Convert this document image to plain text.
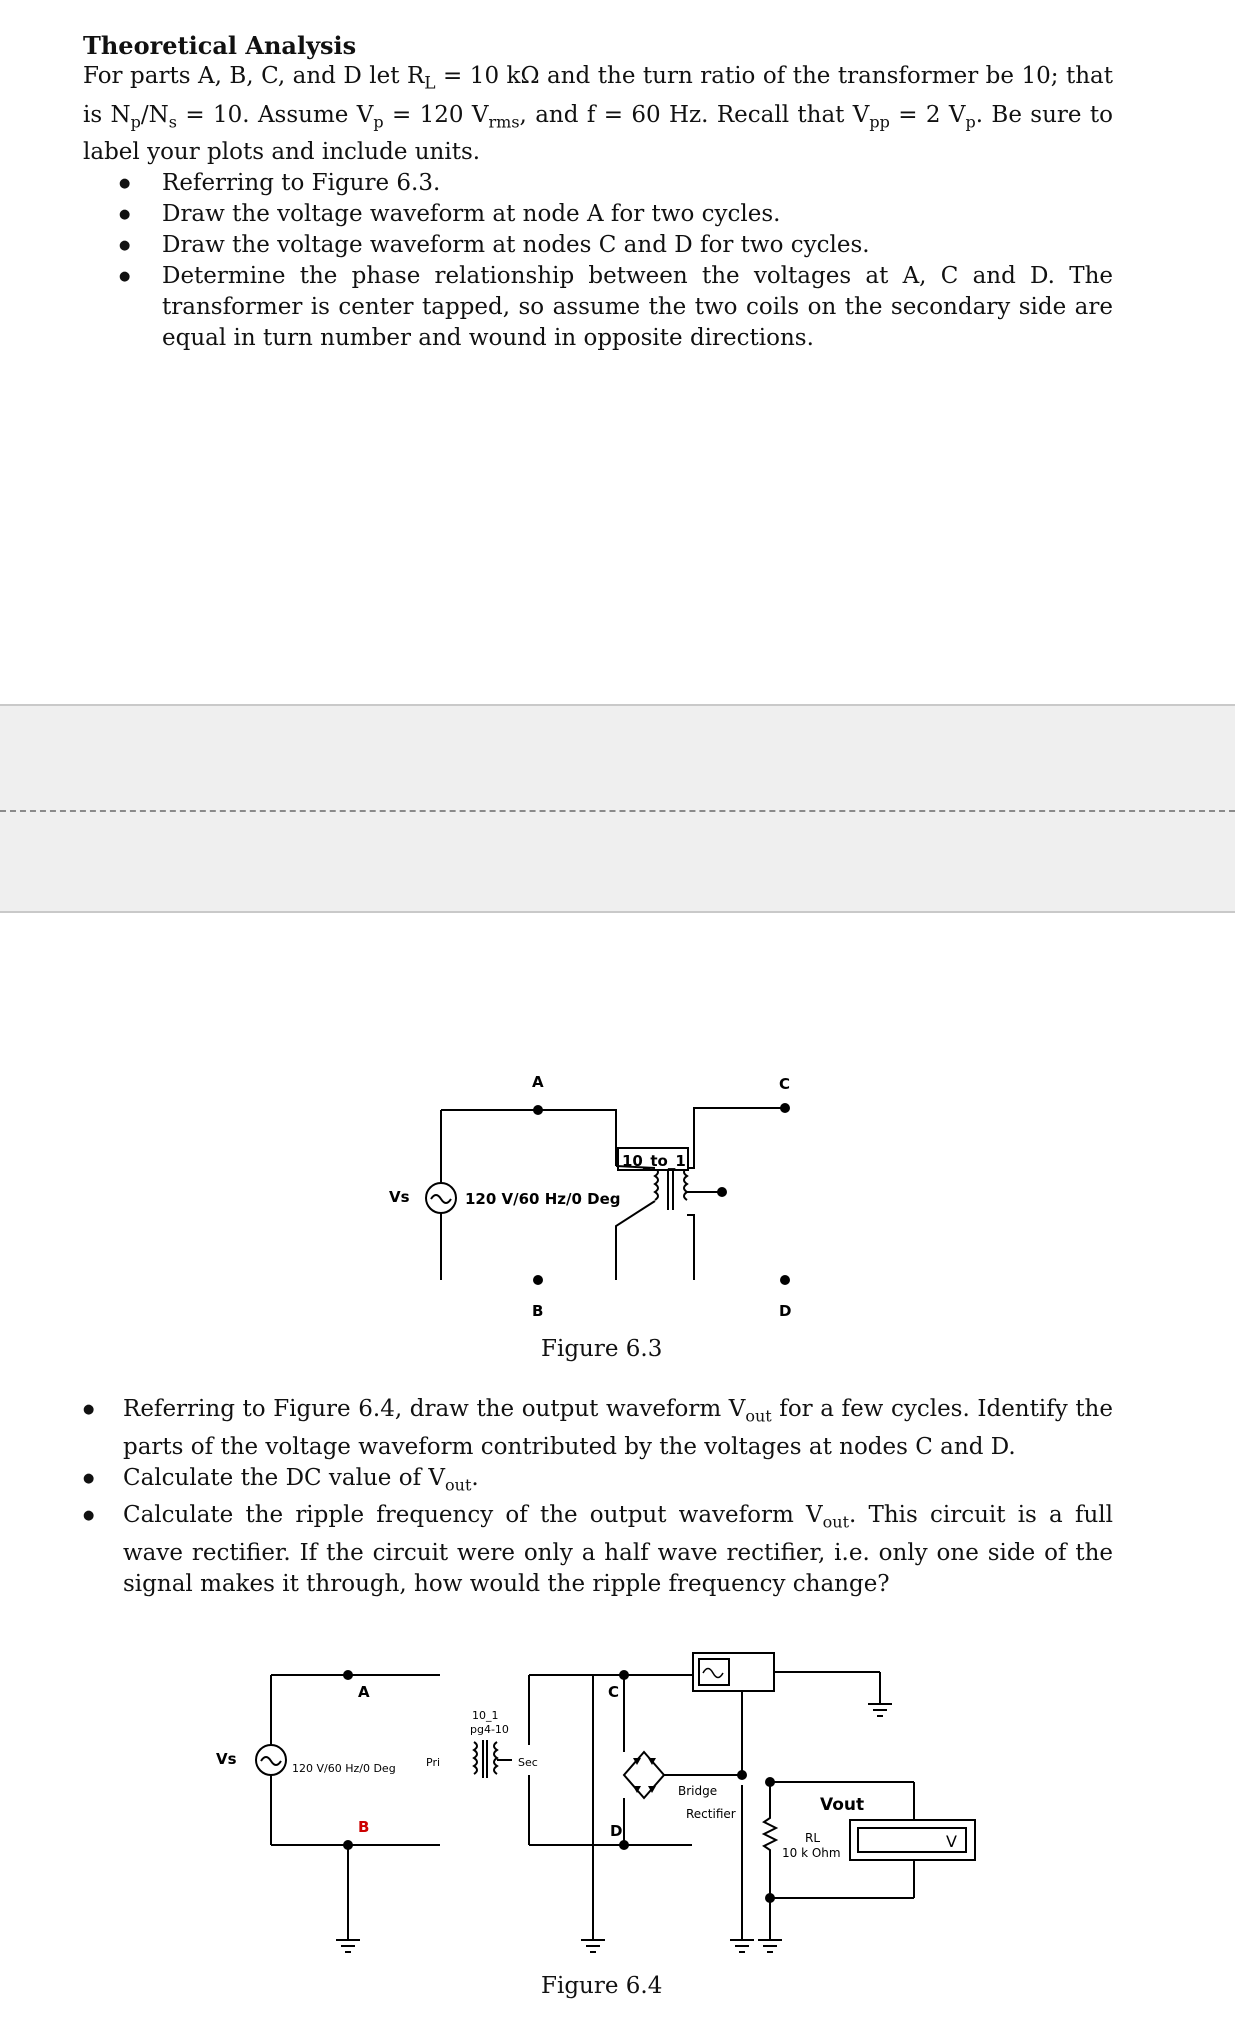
Theoretical Analysis
For parts A, B, C, and D let $R_L = 10$ kΩ and the turn ratio of the transformer be 10; that is $N_p/N_s = 10$. Assume $V_p = 120$ $V_{rms}$, and f = 60 Hz. Recall that $V_{pp} = 2$ $V_p$. Be sure to label your plots and include units.
● Referring to Figure 6.3.
● Draw the voltage waveform at node A for two cycles.
● Draw the voltage waveform at nodes C and D for two cycles.
● Determine the phase relationship between the voltages at A, C and D. The transformer is center tapped, so assume the two coils on the secondary side are equal in turn number and wound in opposite directions.
A	C
B	D
Vs	120 V/60 Hz/0 Deg
10_to_1
Figure 6.3
● Referring to Figure 6.4, draw the output waveform $V_{out}$ for a few cycles. Identify the parts of the voltage waveform contributed by the voltages at nodes C and D.
● Calculate the DC value of $V_{out}$.
● Calculate the ripple frequency of the output waveform $V_{out}$. This circuit is a full wave rectifier. If the circuit were only a half wave rectifier, i.e. only one side of the signal makes it through, how would the ripple frequency change?
A
B
C
D
Vs
120 V/60 Hz/0 Deg	Pri	Sec
10_1
pg4-10
Bridge
Rectifier
RL
10 k Ohm
Vout
V
Figure 6.4
